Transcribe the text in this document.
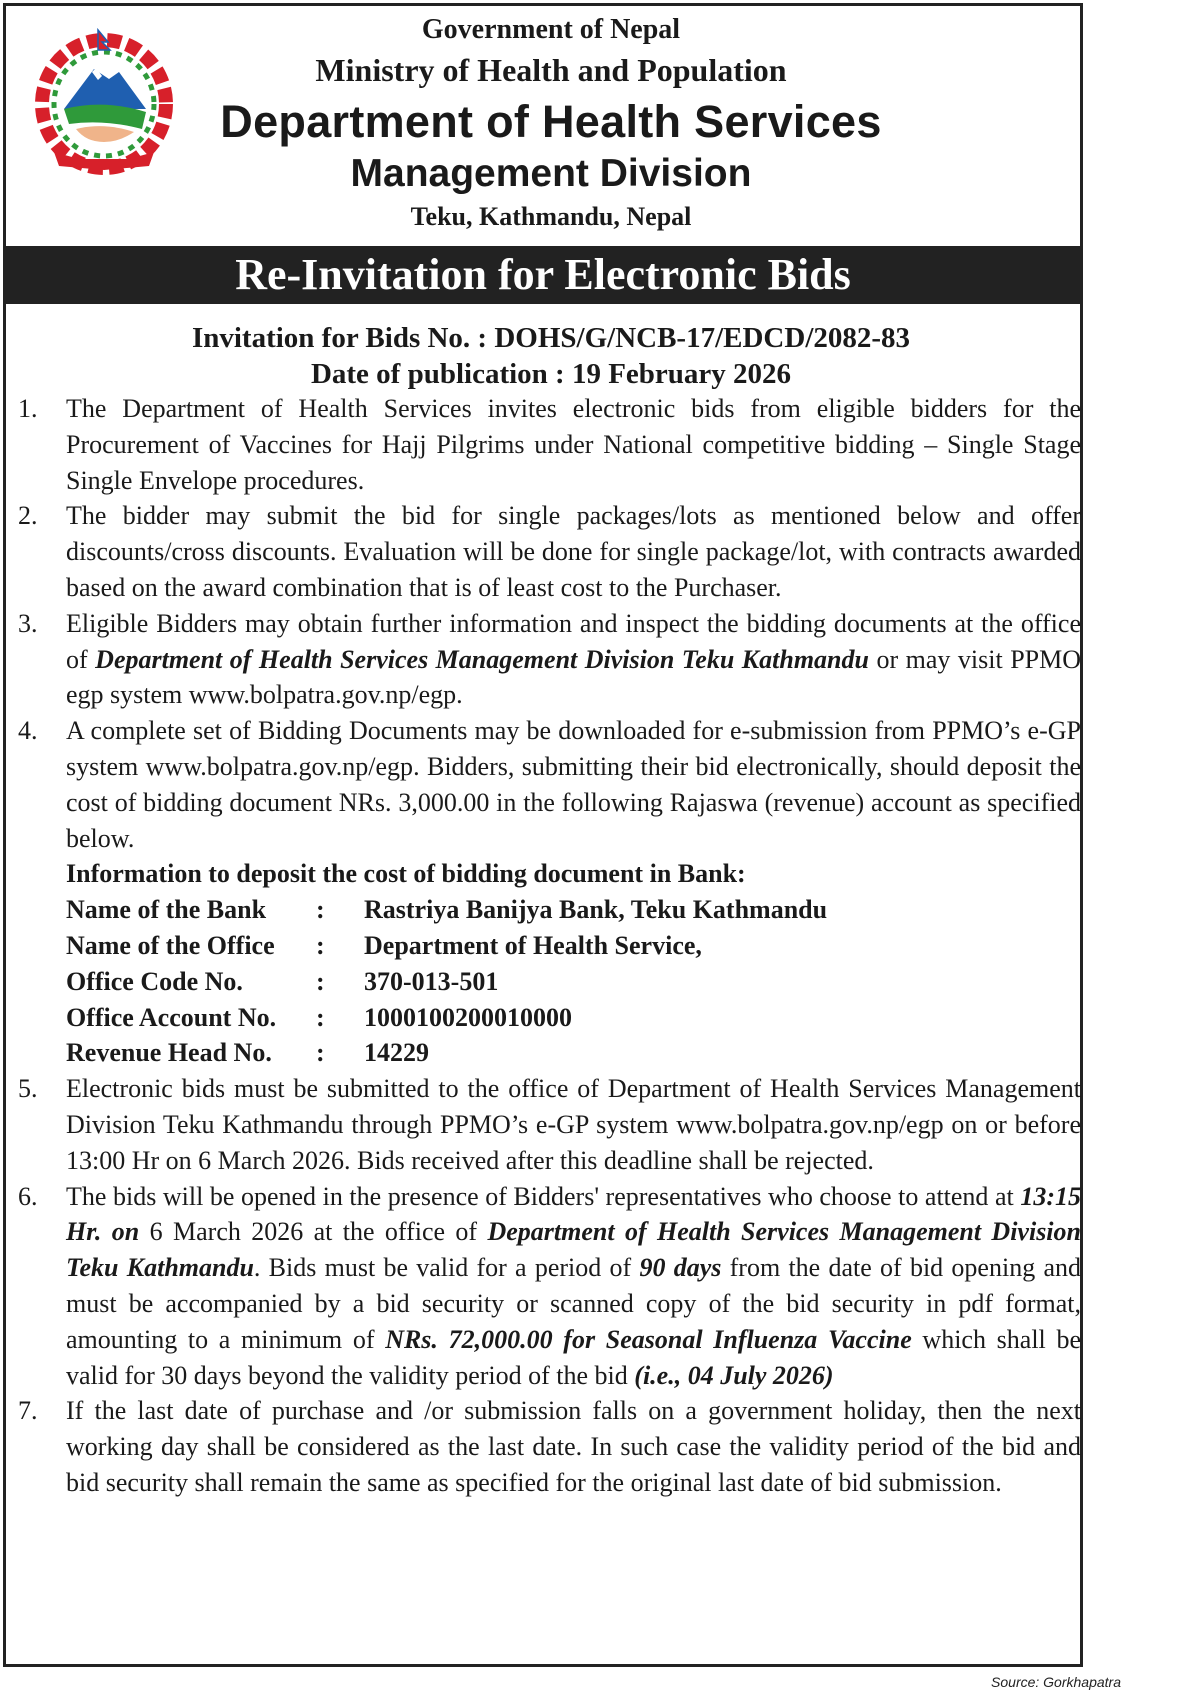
Government of Nepal
Ministry of Health and Population
Department of Health Services
Management Division
Teku, Kathmandu, Nepal
Re-Invitation for Electronic Bids
Invitation for Bids No. : DOHS/G/NCB-17/EDCD/2082-83
Date of publication : 19 February 2026
1. The Department of Health Services invites electronic bids from eligible bidders for the Procurement of Vaccines for Hajj Pilgrims under National competitive bidding – Single Stage Single Envelope procedures.
2. The bidder may submit the bid for single packages/lots as mentioned below and offer discounts/cross discounts. Evaluation will be done for single package/lot, with contracts awarded based on the award combination that is of least cost to the Purchaser.
3. Eligible Bidders may obtain further information and inspect the bidding documents at the office of Department of Health Services Management Division Teku Kathmandu or may visit PPMO egp system www.bolpatra.gov.np/egp.
4. A complete set of Bidding Documents may be downloaded for e-submission from PPMO’s e-GP system www.bolpatra.gov.np/egp. Bidders, submitting their bid electronically, should deposit the cost of bidding document NRs. 3,000.00 in the following Rajaswa (revenue) account as specified below.
Information to deposit the cost of bidding document in Bank:
Name of the Bank	:	Rastriya Banijya Bank, Teku Kathmandu
Name of the Office	:	Department of Health Service,
Office Code No.	:	370-013-501
Office Account No.	:	1000100200010000
Revenue Head No.	:	14229
5. Electronic bids must be submitted to the office of Department of Health Services Management Division Teku Kathmandu through PPMO’s e-GP system www.bolpatra.gov.np/egp on or before 13:00 Hr on 6 March 2026. Bids received after this deadline shall be rejected.
6. The bids will be opened in the presence of Bidders' representatives who choose to attend at 13:15 Hr. on 6 March 2026 at the office of Department of Health Services Management Division Teku Kathmandu. Bids must be valid for a period of 90 days from the date of bid opening and must be accompanied by a bid security or scanned copy of the bid security in pdf format, amounting to a minimum of NRs. 72,000.00 for Seasonal Influenza Vaccine which shall be valid for 30 days beyond the validity period of the bid (i.e., 04 July 2026)
7. If the last date of purchase and /or submission falls on a government holiday, then the next working day shall be considered as the last date. In such case the validity period of the bid and bid security shall remain the same as specified for the original last date of bid submission.
Source: Gorkhapatra
